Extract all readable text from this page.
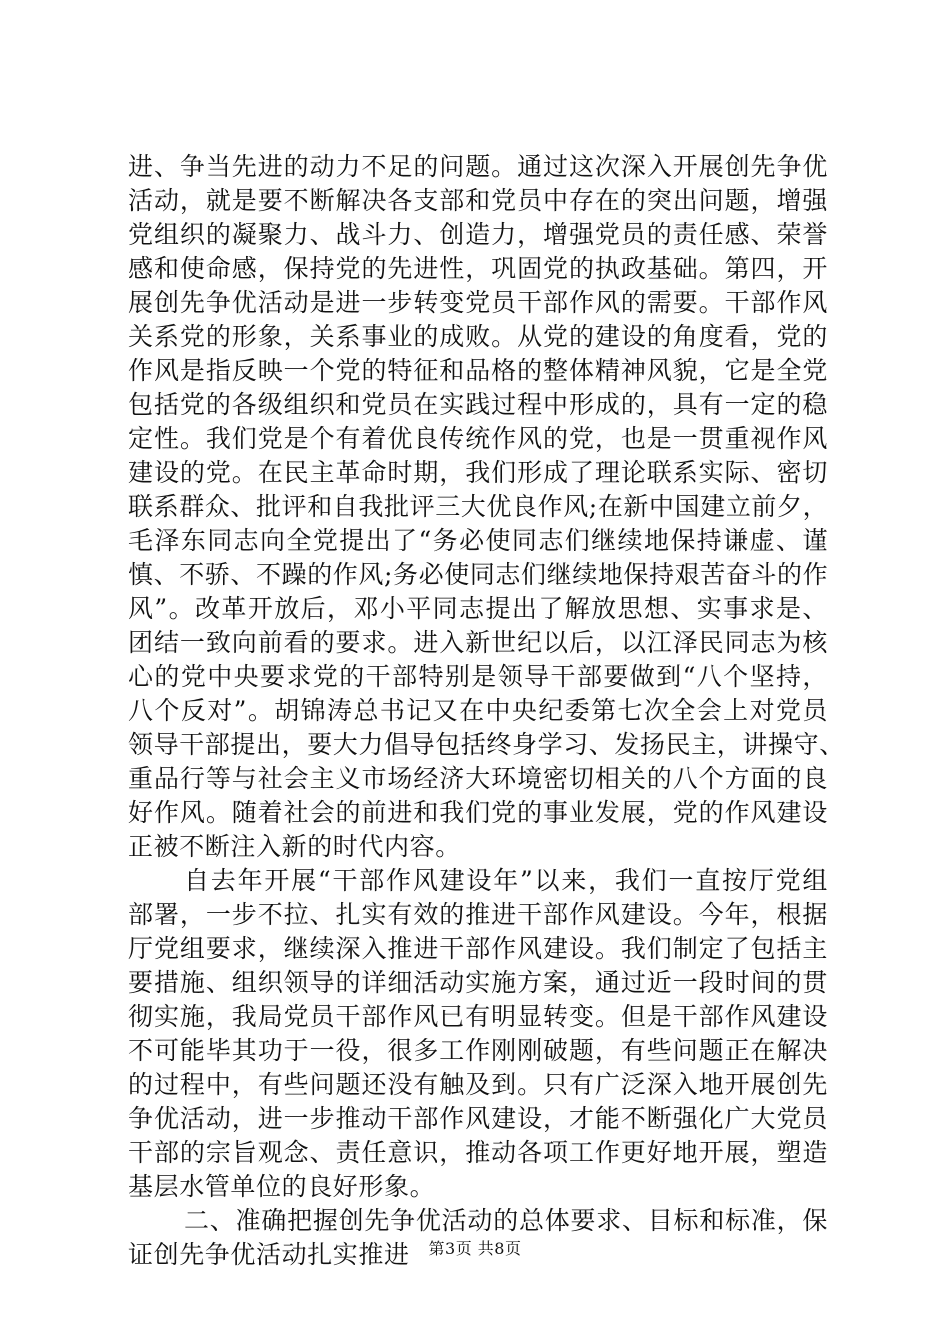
进、争当先进的动力不足的问题。通过这次深入开展创先争优
活动，就是要不断解决各支部和党员中存在的突出问题，增强
党组织的凝聚力、战斗力、创造力，增强党员的责任感、荣誉
感和使命感，保持党的先进性，巩固党的执政基础。第四，开
展创先争优活动是进一步转变党员干部作风的需要。干部作风
关系党的形象，关系事业的成败。从党的建设的角度看，党的
作风是指反映一个党的特征和品格的整体精神风貌，它是全党
包括党的各级组织和党员在实践过程中形成的，具有一定的稳
定性。我们党是个有着优良传统作风的党，也是一贯重视作风
建设的党。在民主革命时期，我们形成了理论联系实际、密切
联系群众、批评和自我批评三大优良作风;在新中国建立前夕，
毛泽东同志向全党提出了“务必使同志们继续地保持谦虚、谨
慎、不骄、不躁的作风;务必使同志们继续地保持艰苦奋斗的作
风”。改革开放后，邓小平同志提出了解放思想、实事求是、
团结一致向前看的要求。进入新世纪以后，以江泽民同志为核
心的党中央要求党的干部特别是领导干部要做到“八个坚持，
八个反对”。胡锦涛总书记又在中央纪委第七次全会上对党员
领导干部提出，要大力倡导包括终身学习、发扬民主，讲操守、
重品行等与社会主义市场经济大环境密切相关的八个方面的良
好作风。随着社会的前进和我们党的事业发展，党的作风建设
正被不断注入新的时代内容。
自去年开展“干部作风建设年”以来，我们一直按厅党组
部署，一步不拉、扎实有效的推进干部作风建设。今年，根据
厅党组要求，继续深入推进干部作风建设。我们制定了包括主
要措施、组织领导的详细活动实施方案，通过近一段时间的贯
彻实施，我局党员干部作风已有明显转变。但是干部作风建设
不可能毕其功于一役，很多工作刚刚破题，有些问题正在解决
的过程中，有些问题还没有触及到。只有广泛深入地开展创先
争优活动，进一步推动干部作风建设，才能不断强化广大党员
干部的宗旨观念、责任意识，推动各项工作更好地开展，塑造
基层水管单位的良好形象。
二、准确把握创先争优活动的总体要求、目标和标准，保
证创先争优活动扎实推进	第3页 共8页
